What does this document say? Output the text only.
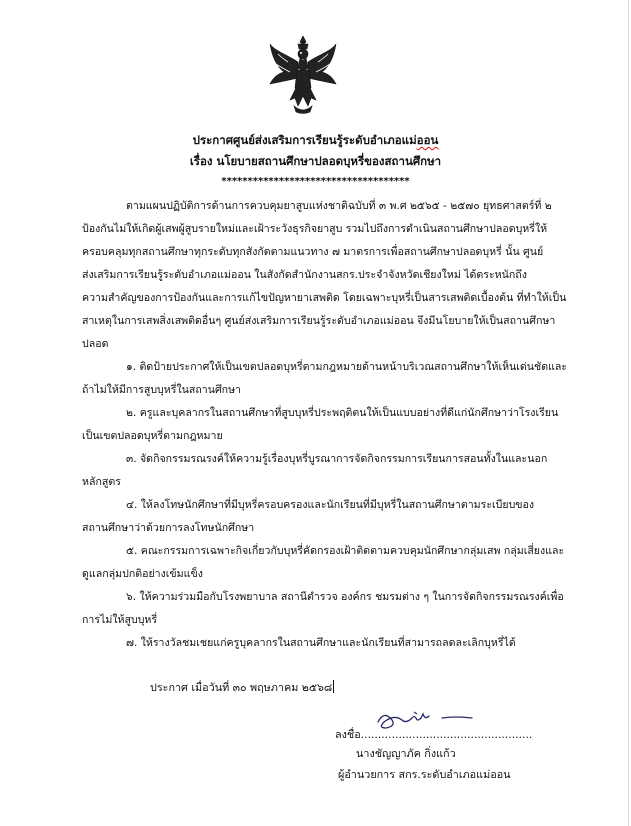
ประกาศศูนย์ส่งเสริมการเรียนรู้ระดับอำเภอแม่ออน
เรื่อง นโยบายสถานศึกษาปลอดบุหรี่ของสถานศึกษา
************************************
ตามแผนปฏิบัติการด้านการควบคุมยาสูบแห่งชาติฉบับที่ ๓ พ.ศ ๒๕๖๕ - ๒๕๗๐ ยุทธศาสตร์ที่ ๒
ป้องกันไม่ให้เกิดผู้เสพผู้สูบรายใหม่และเฝ้าระวังธุรกิจยาสูบ รวมไปถึงการดำเนินสถานศึกษาปลอดบุหรี่ให้
ครอบคลุมทุกสถานศึกษาทุกระดับทุกสังกัดตามแนวทาง ๗ มาตรการเพื่อสถานศึกษาปลอดบุหรี่ นั้น ศูนย์
ส่งเสริมการเรียนรู้ระดับอำเภอแม่ออน ในสังกัดสำนักงานสกร.ประจำจังหวัดเชียงใหม่ ได้ตระหนักถึง
ความสำคัญของการป้องกันและการแก้ไขปัญหายาเสพติด โดยเฉพาะบุหรี่เป็นสารเสพติดเบื้องต้น ที่ทำให้เป็น
สาเหตุในการเสพสิ่งเสพติดอื่นๆ ศูนย์ส่งเสริมการเรียนรู้ระดับอำเภอแม่ออน จึงมีนโยบายให้เป็นสถานศึกษา
ปลอด
๑. ติดป้ายประกาศให้เป็นเขตปลอดบุหรี่ตามกฎหมายด้านหน้าบริเวณสถานศึกษาให้เห็นเด่นชัดและ
ถ้าไม่ให้มีการสูบบุหรี่ในสถานศึกษา
๒. ครูและบุคลากรในสถานศึกษาที่สูบบุหรี่ประพฤติตนให้เป็นแบบอย่างที่ดีแก่นักศึกษาว่าโรงเรียน
เป็นเขตปลอดบุหรี่ตามกฎหมาย
๓. จัดกิจกรรมรณรงค์ให้ความรู้เรื่องบุหรี่บูรณาการจัดกิจกรรมการเรียนการสอนทั้งในและนอก
หลักสูตร
๔. ให้ลงโทษนักศึกษาที่มีบุหรี่ครอบครองและนักเรียนที่มีบุหรี่ในสถานศึกษาตามระเบียบของ
สถานศึกษาว่าด้วยการลงโทษนักศึกษา
๕. คณะกรรมการเฉพาะกิจเกี่ยวกับบุหรี่คัดกรองเฝ้าติดตามควบคุมนักศึกษากลุ่มเสพ กลุ่มเสี่ยงและ
ดูแลกลุ่มปกติอย่างเข้มแข็ง
๖. ให้ความร่วมมือกับโรงพยาบาล สถานีตำรวจ องค์กร ชมรมต่าง ๆ ในการจัดกิจกรรมรณรงค์เพื่อ
การไม่ให้สูบบุหรี่
๗. ให้รางวัลชมเชยแก่ครูบุคลากรในสถานศึกษาและนักเรียนที่สามารถลดละเลิกบุหรี่ได้
ประกาศ เมื่อวันที่ ๓๐ พฤษภาคม ๒๕๖๘
ลงชื่อ..................................................
นางชัญญาภัค กิ่งแก้ว
ผู้อำนวยการ สกร.ระดับอำเภอแม่ออน
